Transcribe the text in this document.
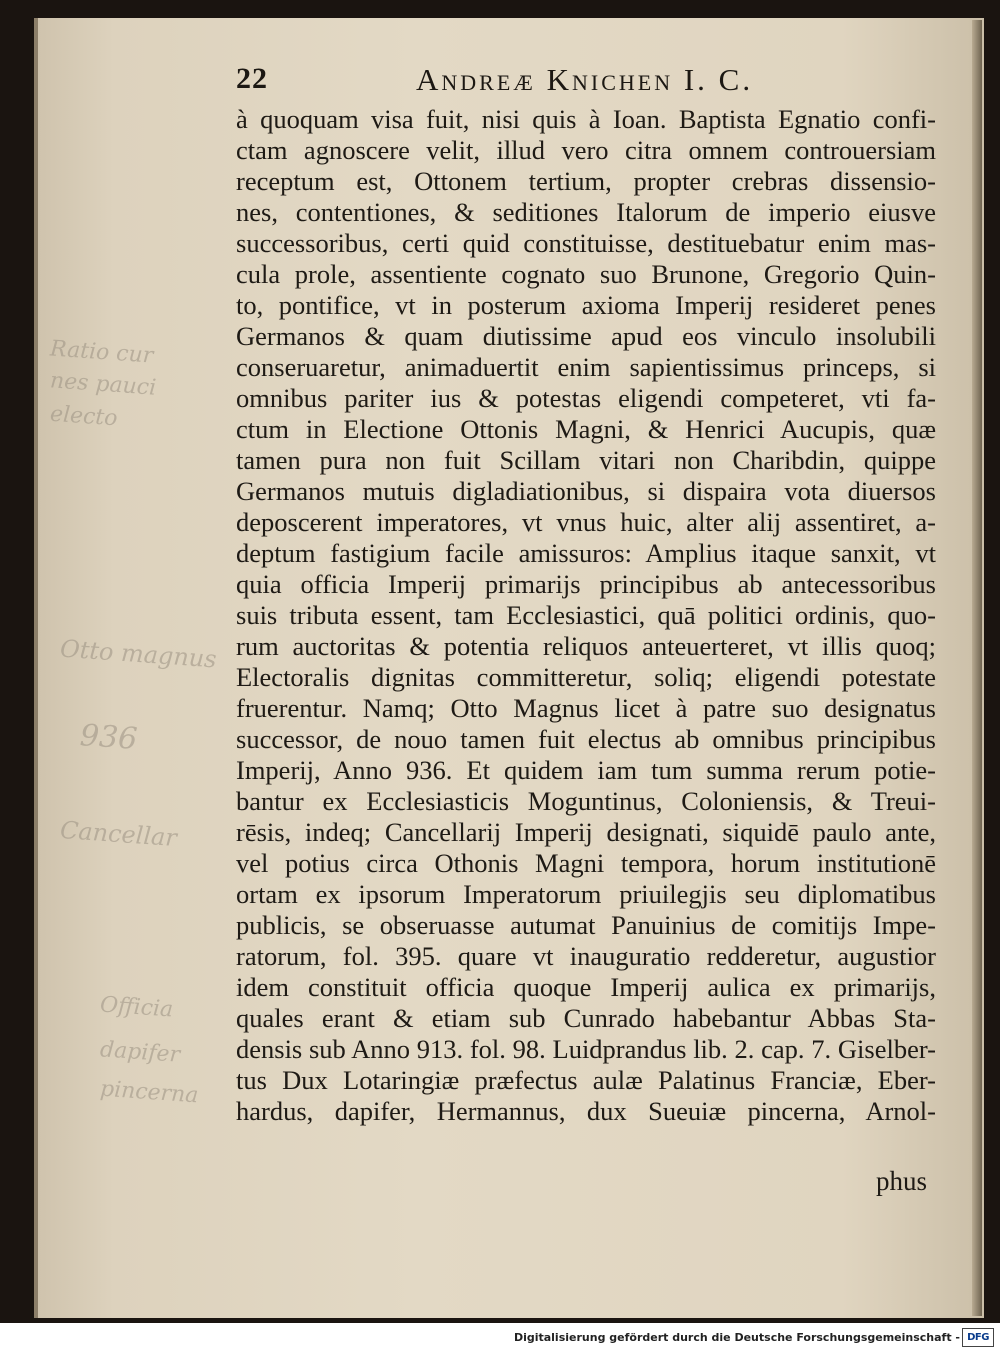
22	Andreæ Knichen I. C.
Ratio cur
nes pauci
electo
Otto magnus
936
Cancellar
Officia
dapifer
pincerna
à quoquam visa fuit, nisi quis à Ioan. Baptista Egnatio confi-
ctam agnoscere velit, illud vero citra omnem controuersiam
receptum est, Ottonem tertium, propter crebras dissensio-
nes, contentiones, & seditiones Italorum de imperio eiusve
successoribus, certi quid constituisse, destituebatur enim mas-
cula prole, assentiente cognato suo Brunone, Gregorio Quin-
to, pontifice, vt in posterum axioma Imperij resideret penes
Germanos & quam diutissime apud eos vinculo insolubili
conseruaretur, animaduertit enim sapientissimus princeps, si
omnibus pariter ius & potestas eligendi competeret, vti fa-
ctum in Electione Ottonis Magni, & Henrici Aucupis, quæ
tamen pura non fuit Scillam vitari non Charibdin, quippe
Germanos mutuis digladiationibus, si dispaira vota diuersos
deposcerent imperatores, vt vnus huic, alter alij assentiret, a-
deptum fastigium facile amissuros: Amplius itaque sanxit, vt
quia officia Imperij primarijs principibus ab antecessoribus
suis tributa essent, tam Ecclesiastici, quā politici ordinis, quo-
rum auctoritas & potentia reliquos anteuerteret, vt illis quoq;
Electoralis dignitas committeretur, soliq; eligendi potestate
fruerentur. Namq; Otto Magnus licet à patre suo designatus
successor, de nouo tamen fuit electus ab omnibus principibus
Imperij, Anno 936. Et quidem iam tum summa rerum potie-
bantur ex Ecclesiasticis Moguntinus, Coloniensis, & Treui-
rēsis, indeq; Cancellarij Imperij designati, siquidē paulo ante,
vel potius circa Othonis Magni tempora, horum institutionē
ortam ex ipsorum Imperatorum priuilegjis seu diplomatibus
publicis, se obseruasse autumat Panuinius de comitijs Impe-
ratorum, fol. 395. quare vt inauguratio redderetur, augustior
idem constituit officia quoque Imperij aulica ex primarijs,
quales erant & etiam sub Cunrado habebantur Abbas Sta-
densis sub Anno 913. fol. 98. Luidprandus lib. 2. cap. 7. Giselber-
tus Dux Lotaringiæ præfectus aulæ Palatinus Franciæ, Eber-
hardus, dapifer, Hermannus, dux Sueuiæ pincerna, Arnol-
phus
Digitalisierung gefördert durch die Deutsche Forschungsgemeinschaft - DFG
